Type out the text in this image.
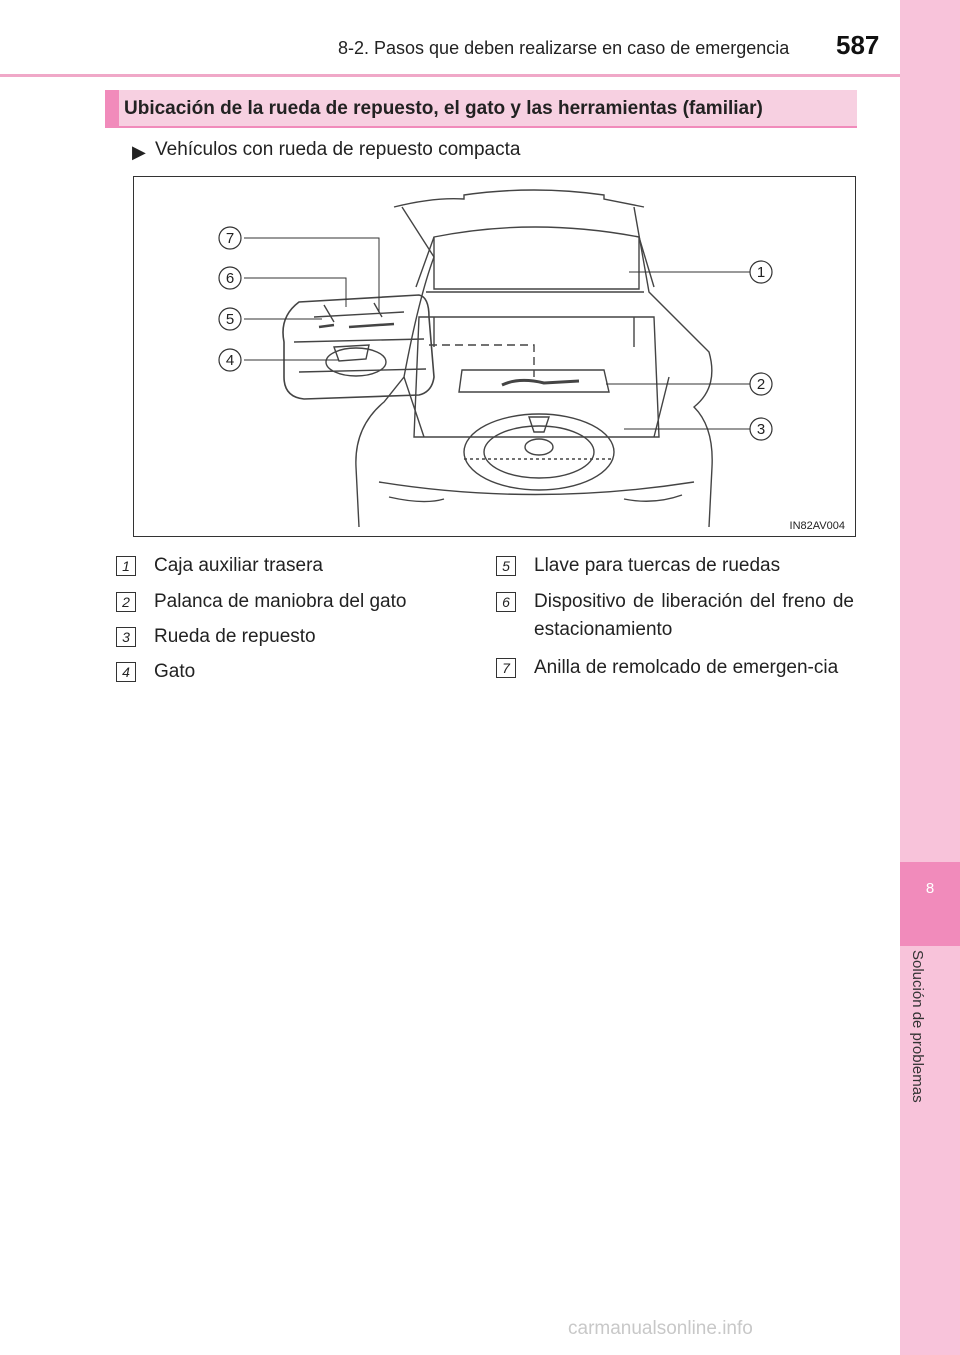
8-2. Pasos que deben realizarse en caso de emergencia 587
8
Solución de problemas
Ubicación de la rueda de repuesto, el gato y las herramientas (familiar)
▶ Vehículos con rueda de repuesto compacta
1
2
3
4
5
6
7
IN82AV004
1	Caja auxiliar trasera
2	Palanca de maniobra del gato
3	Rueda de repuesto
4	Gato
5	Llave para tuercas de ruedas
6	Dispositivo de liberación del freno de estacionamiento
7	Anilla de remolcado de emergen-cia
carmanualsonline.info
